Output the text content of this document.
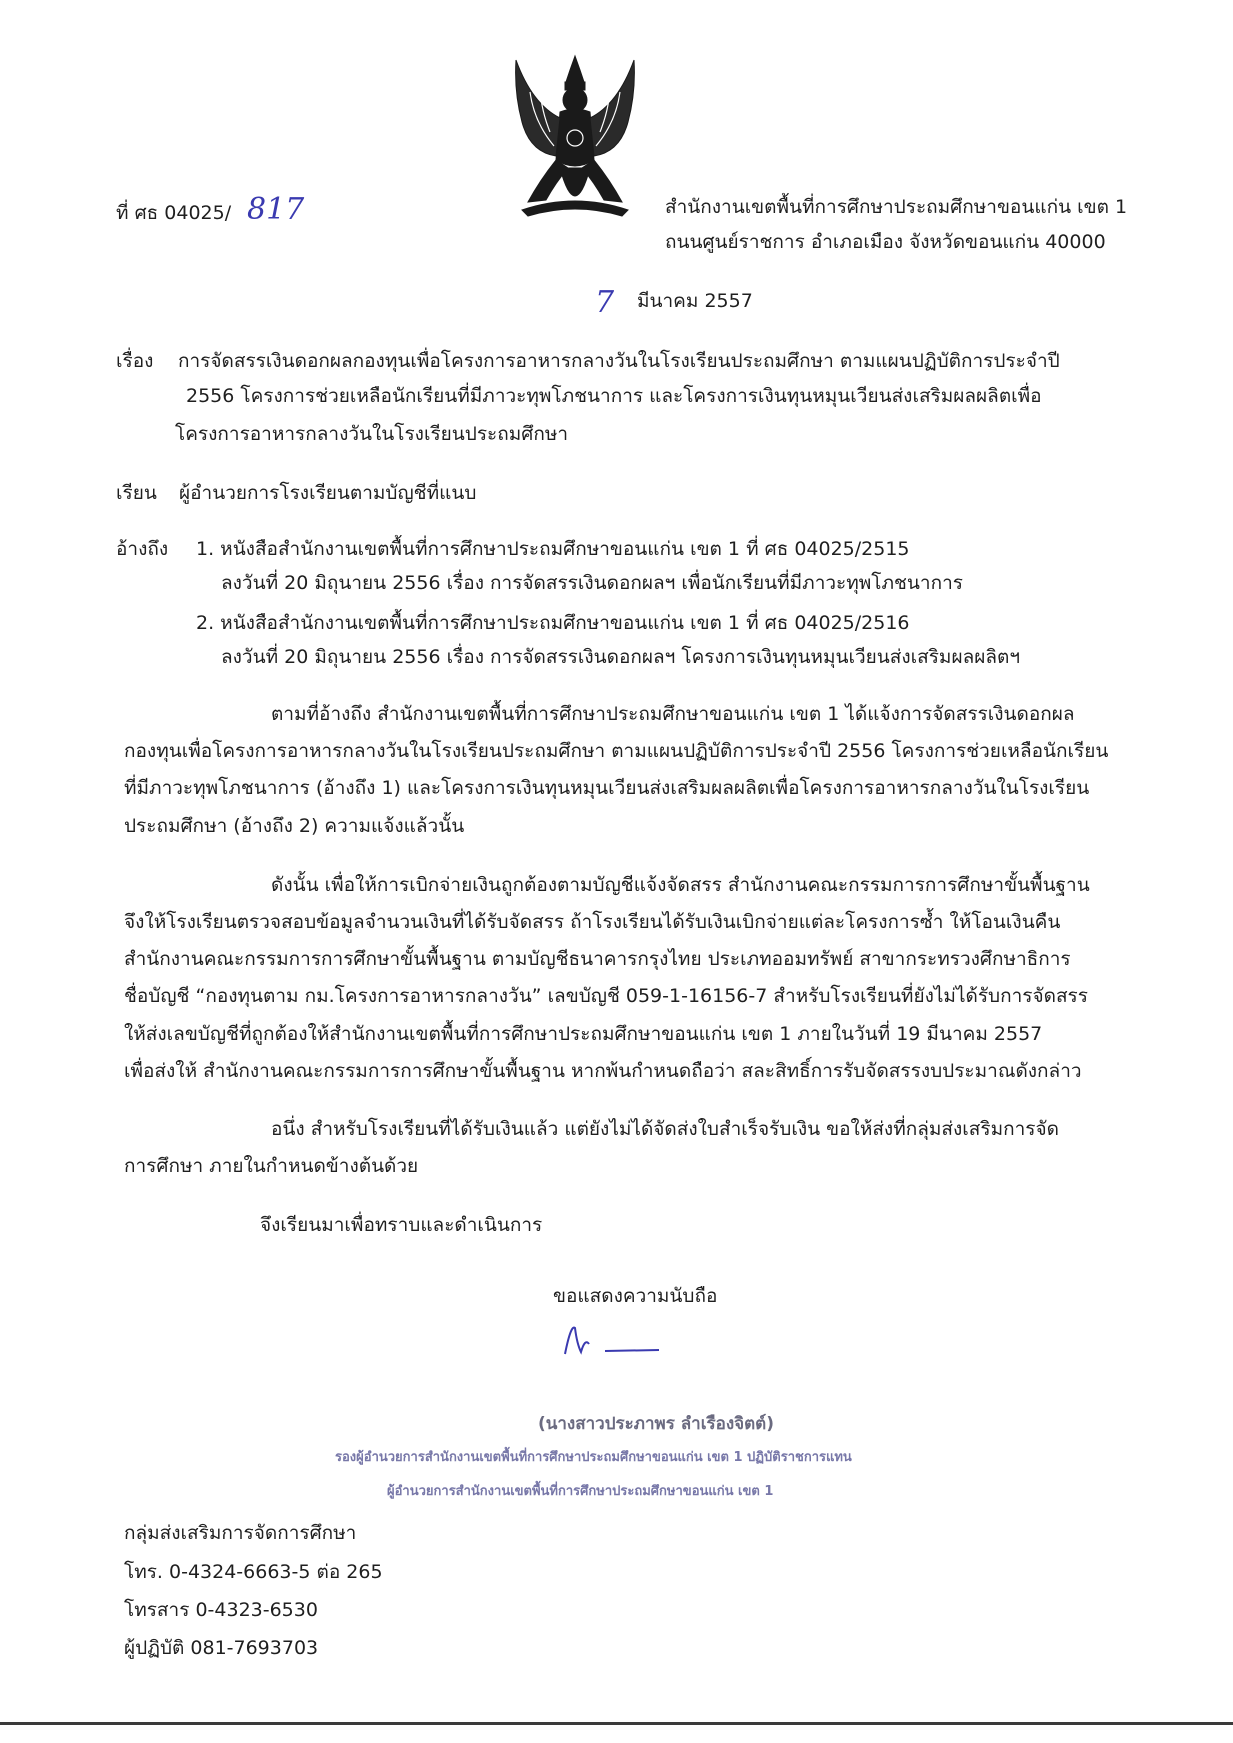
ที่ ศธ 04025/ 817	สำนักงานเขตพื้นที่การศึกษาประถมศึกษาขอนแก่น เขต 1
ถนนศูนย์ราชการ อำเภอเมือง จังหวัดขอนแก่น 40000
7 มีนาคม 2557
เรื่อง การจัดสรรเงินดอกผลกองทุนเพื่อโครงการอาหารกลางวันในโรงเรียนประถมศึกษา ตามแผนปฏิบัติการประจำปี
2556 โครงการช่วยเหลือนักเรียนที่มีภาวะทุพโภชนาการ และโครงการเงินทุนหมุนเวียนส่งเสริมผลผลิตเพื่อ
โครงการอาหารกลางวันในโรงเรียนประถมศึกษา
เรียน ผู้อำนวยการโรงเรียนตามบัญชีที่แนบ
อ้างถึง 1. หนังสือสำนักงานเขตพื้นที่การศึกษาประถมศึกษาขอนแก่น เขต 1 ที่ ศธ 04025/2515
ลงวันที่ 20 มิถุนายน 2556 เรื่อง การจัดสรรเงินดอกผลฯ เพื่อนักเรียนที่มีภาวะทุพโภชนาการ
2. หนังสือสำนักงานเขตพื้นที่การศึกษาประถมศึกษาขอนแก่น เขต 1 ที่ ศธ 04025/2516
ลงวันที่ 20 มิถุนายน 2556 เรื่อง การจัดสรรเงินดอกผลฯ โครงการเงินทุนหมุนเวียนส่งเสริมผลผลิตฯ
ตามที่อ้างถึง สำนักงานเขตพื้นที่การศึกษาประถมศึกษาขอนแก่น เขต 1 ได้แจ้งการจัดสรรเงินดอกผล
กองทุนเพื่อโครงการอาหารกลางวันในโรงเรียนประถมศึกษา ตามแผนปฏิบัติการประจำปี 2556 โครงการช่วยเหลือนักเรียน
ที่มีภาวะทุพโภชนาการ (อ้างถึง 1) และโครงการเงินทุนหมุนเวียนส่งเสริมผลผลิตเพื่อโครงการอาหารกลางวันในโรงเรียน
ประถมศึกษา (อ้างถึง 2) ความแจ้งแล้วนั้น
ดังนั้น เพื่อให้การเบิกจ่ายเงินถูกต้องตามบัญชีแจ้งจัดสรร สำนักงานคณะกรรมการการศึกษาขั้นพื้นฐาน
จึงให้โรงเรียนตรวจสอบข้อมูลจำนวนเงินที่ได้รับจัดสรร ถ้าโรงเรียนได้รับเงินเบิกจ่ายแต่ละโครงการซ้ำ ให้โอนเงินคืน
สำนักงานคณะกรรมการการศึกษาขั้นพื้นฐาน ตามบัญชีธนาคารกรุงไทย ประเภทออมทรัพย์ สาขากระทรวงศึกษาธิการ
ชื่อบัญชี “กองทุนตาม กม.โครงการอาหารกลางวัน” เลขบัญชี 059-1-16156-7 สำหรับโรงเรียนที่ยังไม่ได้รับการจัดสรร
ให้ส่งเลขบัญชีที่ถูกต้องให้สำนักงานเขตพื้นที่การศึกษาประถมศึกษาขอนแก่น เขต 1 ภายในวันที่ 19 มีนาคม 2557
เพื่อส่งให้ สำนักงานคณะกรรมการการศึกษาขั้นพื้นฐาน หากพ้นกำหนดถือว่า สละสิทธิ์การรับจัดสรรงบประมาณดังกล่าว
อนึ่ง สำหรับโรงเรียนที่ได้รับเงินแล้ว แต่ยังไม่ได้จัดส่งใบสำเร็จรับเงิน ขอให้ส่งที่กลุ่มส่งเสริมการจัด
การศึกษา ภายในกำหนดข้างต้นด้วย
จึงเรียนมาเพื่อทราบและดำเนินการ
ขอแสดงความนับถือ
(นางสาวประภาพร ลำเรืองจิตต์)
รองผู้อำนวยการสำนักงานเขตพื้นที่การศึกษาประถมศึกษาขอนแก่น เขต 1 ปฏิบัติราชการแทน
ผู้อำนวยการสำนักงานเขตพื้นที่การศึกษาประถมศึกษาขอนแก่น เขต 1
กลุ่มส่งเสริมการจัดการศึกษา
โทร. 0-4324-6663-5 ต่อ 265
โทรสาร 0-4323-6530
ผู้ปฏิบัติ 081-7693703
